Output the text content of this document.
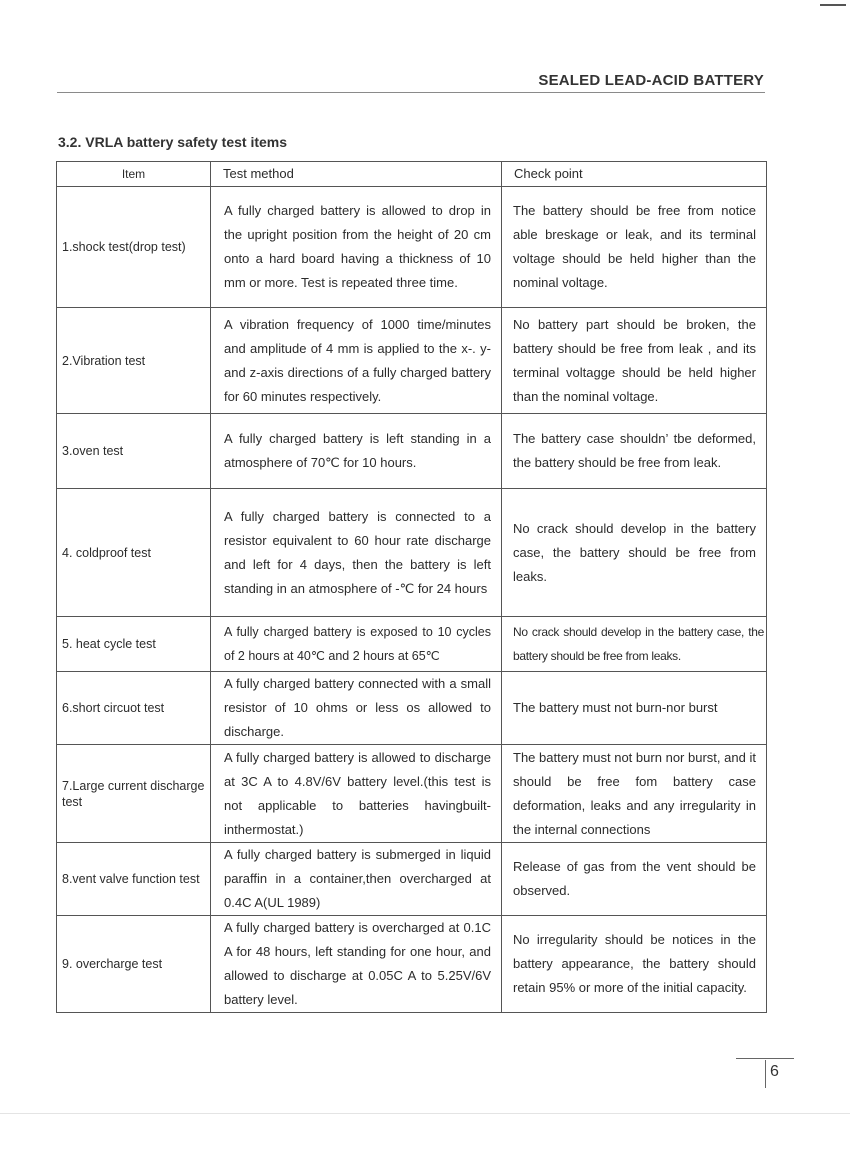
SEALED LEAD-ACID BATTERY
3.2. VRLA battery safety test items
Item	Test method	Check point
1.shock test(drop test)	A fully charged battery is allowed to drop in the upright position from the height of 20 cm onto a hard board having a thickness of 10 mm or more. Test is repeated three time.	The battery should be free from notice able breskage or leak, and its terminal voltage should be held higher than the nominal voltage.
2.Vibration test	A vibration frequency of 1000 time/minutes and amplitude of 4 mm is applied to the x-. y- and z-axis directions of a fully charged battery for 60 minutes respectively.	No battery part should be broken, the battery should be free from leak , and its terminal voltagge should be held higher than the nominal voltage.
3.oven test	A fully charged battery is left standing in a atmosphere of 70℃ for 10 hours.	The battery case shouldn’ tbe deformed, the battery should be free from leak.
4. coldproof test	A fully charged battery is connected to a resistor equivalent to 60 hour rate discharge and left for 4 days, then the battery is left standing in an atmosphere of -℃ for 24 hours	No crack should develop in the battery case, the battery should be free from leaks.
5. heat cycle test	A fully charged battery is exposed to 10 cycles of 2 hours at 40℃ and 2 hours at 65℃	No crack should develop in the battery case, the battery should be free from leaks.
6.short circuot test	A fully charged battery connected with a small resistor of 10 ohms or less os allowed to discharge.	The battery must not burn-nor burst
7.Large current discharge test	A fully charged battery is allowed to discharge at 3C A to 4.8V/6V battery level.(this test is not applicable to batteries havingbuilt-inthermostat.)	The battery must not burn nor burst, and it should be free fom battery case deformation, leaks and any irregularity in the internal connections
8.vent valve function test	A fully charged battery is submerged in liquid paraffin in a container,then overcharged at 0.4C A(UL 1989)	Release of gas from the vent should be observed.
9. overcharge test	A fully charged battery is overcharged at 0.1C A for 48 hours, left standing for one hour, and allowed to discharge at 0.05C A to 5.25V/6V battery level.	No irregularity should be notices in the battery appearance, the battery should retain 95% or more of the initial capacity.
6
